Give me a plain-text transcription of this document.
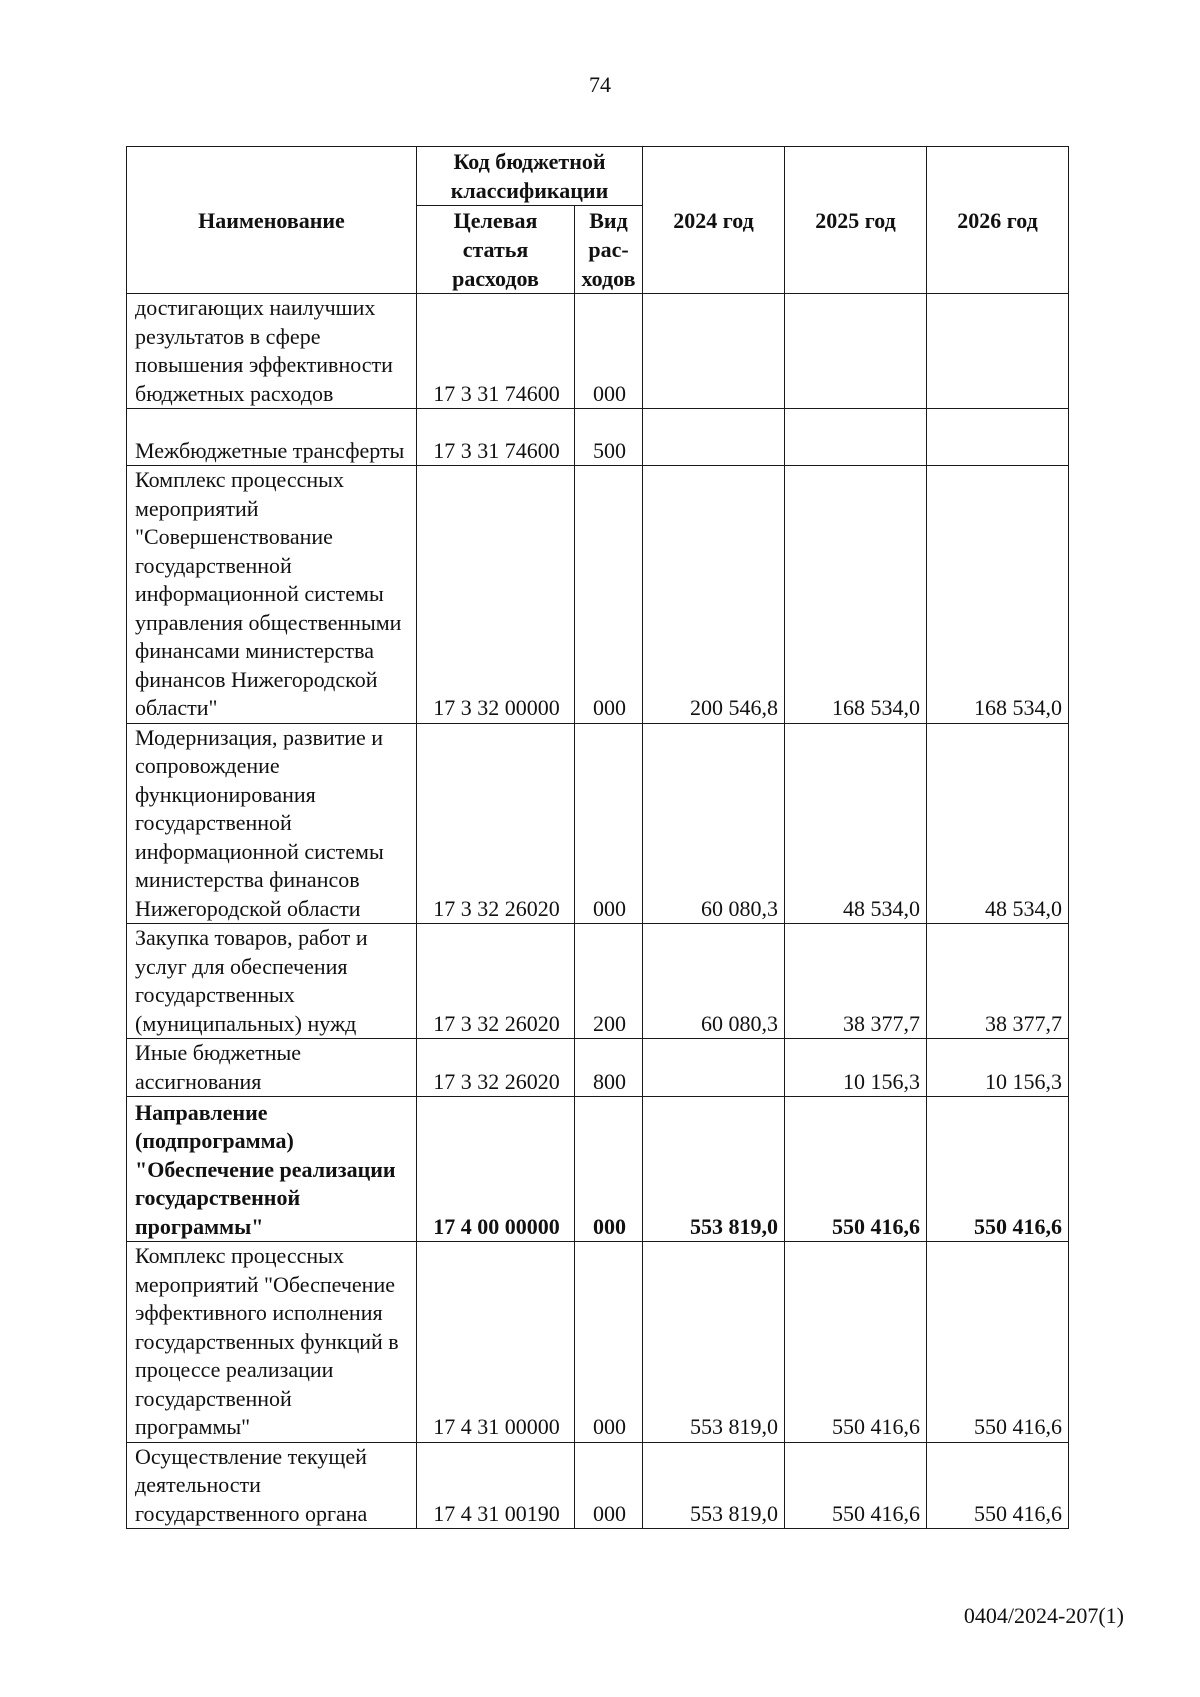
74
Наименование	Код бюджетной классификации		2024 год	2025 год	2026 год
	Целевая статья расходов	Вид рас-ходов			
достигающих наилучших результатов в сфере повышения эффективности бюджетных расходов	17 3 31 74600	000			
Межбюджетные трансферты	17 3 31 74600	500			
Комплекс процессных мероприятий "Совершенствование государственной информационной системы управления общественными финансами министерства финансов Нижегородской области"	17 3 32 00000	000	200 546,8	168 534,0	168 534,0
Модернизация, развитие и сопровождение функционирования государственной информационной системы министерства финансов Нижегородской области	17 3 32 26020	000	60 080,3	48 534,0	48 534,0
Закупка товаров, работ и услуг для обеспечения государственных (муниципальных) нужд	17 3 32 26020	200	60 080,3	38 377,7	38 377,7
Иные бюджетные ассигнования	17 3 32 26020	800		10 156,3	10 156,3
Направление (подпрограмма) "Обеспечение реализации государственной программы"	17 4 00 00000	000	553 819,0	550 416,6	550 416,6
Комплекс процессных мероприятий "Обеспечение эффективного исполнения государственных функций в процессе реализации государственной программы"	17 4 31 00000	000	553 819,0	550 416,6	550 416,6
Осуществление текущей деятельности государственного органа	17 4 31 00190	000	553 819,0	550 416,6	550 416,6
0404/2024-207(1)
